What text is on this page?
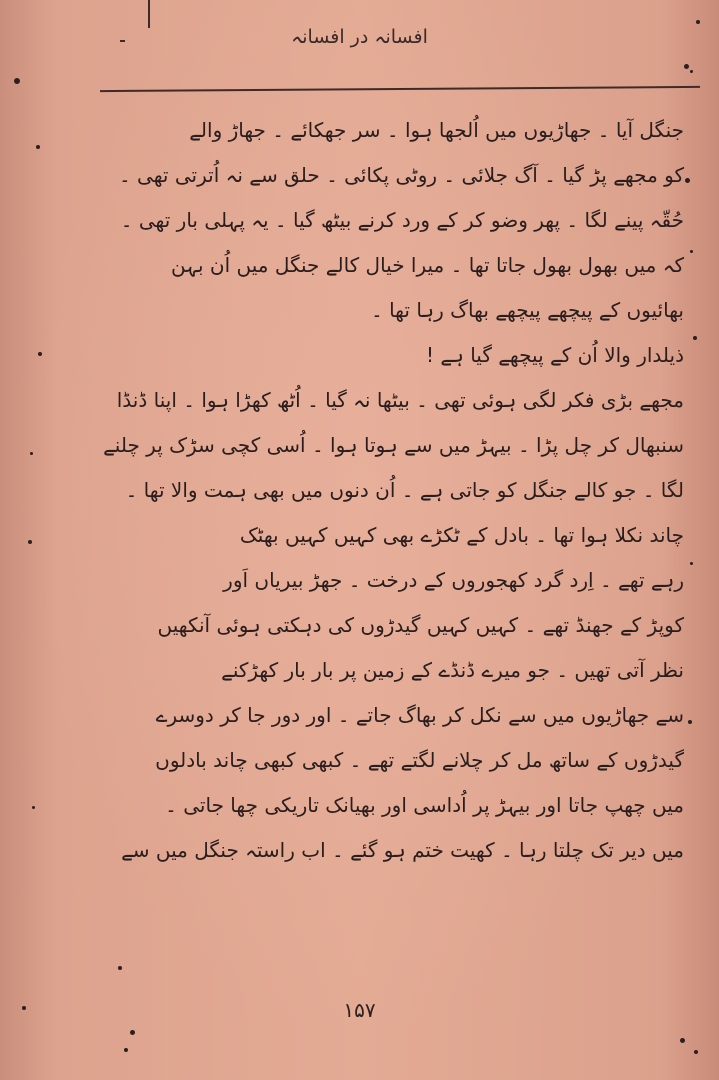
افسانہ در افسانہ
جنگل آیا ۔ جھاڑیوں میں اُلجھا ہوا ۔ سر جھکائے ۔ جھاڑ والے
کو مجھے پڑ گیا ۔ آگ جلائی ۔ روٹی پکائی ۔ حلق سے نہ اُترتی تھی ۔
حُقّہ پینے لگا ۔ پھر وضو کر کے ورد کرنے بیٹھ گیا ۔ یہ پہلی بار تھی ۔
کہ میں بھول بھول جاتا تھا ۔ میرا خیال کالے جنگل میں اُن بہن
بھائیوں کے پیچھے پیچھے بھاگ رہا تھا ۔
ذیلدار والا اُن کے پیچھے گیا ہے !
مجھے بڑی فکر لگی ہوئی تھی ۔ بیٹھا نہ گیا ۔ اُٹھ کھڑا ہوا ۔ اپنا ڈنڈا
سنبھال کر چل پڑا ۔ بیہڑ میں سے ہوتا ہوا ۔ اُسی کچی سڑک پر چلنے
لگا ۔ جو کالے جنگل کو جاتی ہے ۔ اُن دنوں میں بھی ہمت والا تھا ۔
چاند نکلا ہوا تھا ۔ بادل کے ٹکڑے بھی کہیں کہیں بھٹک
رہے تھے ۔ اِرد گرد کھجوروں کے درخت ۔ جھڑ بیریاں اَور
کوپڑ کے جھنڈ تھے ۔ کہیں کہیں گیدڑوں کی دہکتی ہوئی آنکھیں
نظر آتی تھیں ۔ جو میرے ڈنڈے کے زمین پر بار بار کھڑکنے
سے جھاڑیوں میں سے نکل کر بھاگ جاتے ۔ اور دور جا کر دوسرے
گیدڑوں کے ساتھ مل کر چلانے لگتے تھے ۔ کبھی کبھی چاند بادلوں
میں چھپ جاتا اور بیہڑ پر اُداسی اور بھیانک تاریکی چھا جاتی ۔
میں دیر تک چلتا رہا ۔ کھیت ختم ہو گئے ۔ اب راستہ جنگل میں سے
۱۵۷
